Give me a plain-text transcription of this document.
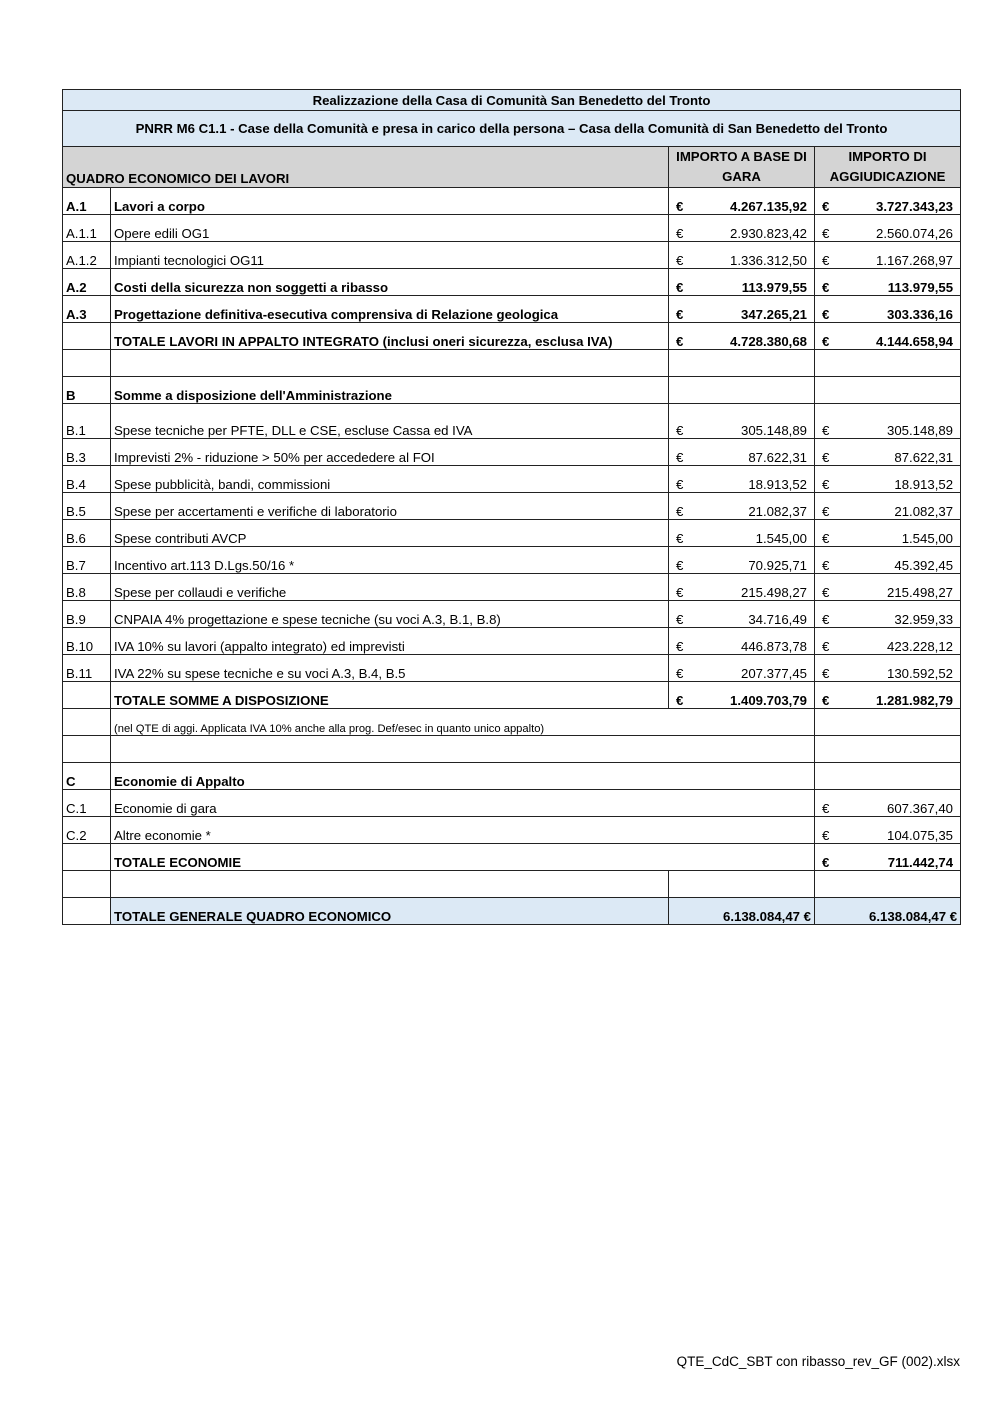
Realizzazione della Casa di Comunità San Benedetto del Tronto			
PNRR M6 C1.1 - Case della Comunità e presa in carico della persona – Casa della Comunità di San Benedetto del Tronto			
QUADRO ECONOMICO DEI LAVORI		IMPORTO A BASE DI GARA	IMPORTO DI AGGIUDICAZIONE

A.1	Lavori a corpo	€ 4.267.135,92	€ 3.727.343,23

A.1.1	Opere edili OG1	€ 2.930.823,42	€ 2.560.074,26

A.1.2	Impianti tecnologici OG11	€ 1.336.312,50	€ 1.167.268,97

A.2	Costi della sicurezza non soggetti a ribasso	€ 113.979,55	€ 113.979,55

A.3	Progettazione definitiva-esecutiva comprensiva di Relazione geologica	€ 347.265,21	€ 303.336,16

	TOTALE LAVORI IN APPALTO INTEGRATO (inclusi oneri sicurezza, esclusa IVA)	€ 4.728.380,68	€ 4.144.658,94

B	Somme a disposizione dell'Amministrazione		
B.1	Spese tecniche per PFTE, DLL e CSE, escluse Cassa ed IVA	€ 305.148,89	€ 305.148,89

B.3	Imprevisti 2% - riduzione > 50% per accededere al FOI	€ 87.622,31	€ 87.622,31

B.4	Spese pubblicità, bandi, commissioni	€ 18.913,52	€ 18.913,52

B.5	Spese per accertamenti e verifiche di laboratorio	€ 21.082,37	€ 21.082,37

B.6	Spese contributi AVCP	€ 1.545,00	€ 1.545,00

B.7	Incentivo art.113 D.Lgs.50/16 *	€ 70.925,71	€ 45.392,45

B.8	Spese per collaudi e verifiche	€ 215.498,27	€ 215.498,27

B.9	CNPAIA 4% progettazione e spese tecniche (su voci A.3, B.1, B.8)	€ 34.716,49	€ 32.959,33

B.10	IVA 10% su lavori (appalto integrato) ed imprevisti	€ 446.873,78	€ 423.228,12

B.11	IVA 22% su spese tecniche e su voci A.3, B.4, B.5	€ 207.377,45	€ 130.592,52

	TOTALE SOMME A DISPOSIZIONE	€ 1.409.703,79	€ 1.281.982,79

	(nel QTE di aggi. Applicata IVA 10% anche alla prog. Def/esec in quanto unico appalto)		

C	Economie di Appalto		
C.1	Economie di gara		€ 607.367,40

C.2	Altre economie *		€ 104.075,35

	TOTALE ECONOMIE		€ 711.442,74

	TOTALE GENERALE QUADRO ECONOMICO	6.138.084,47 €	6.138.084,47 €
QTE_CdC_SBT con ribasso_rev_GF (002).xlsx
